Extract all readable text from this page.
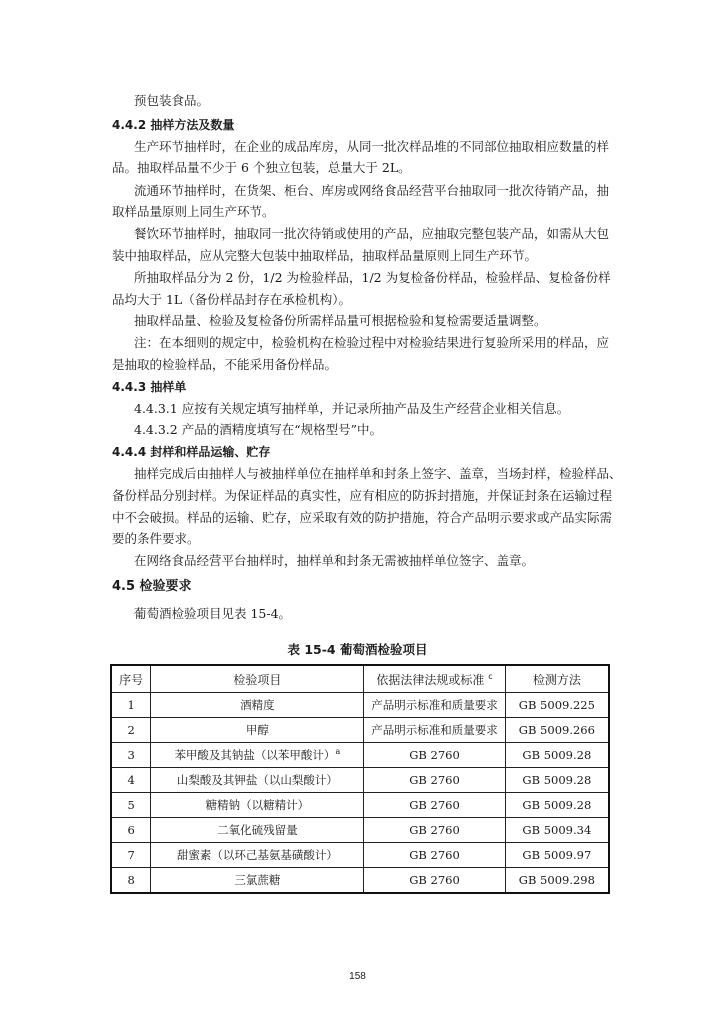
预包装食品。
4.4.2 抽样方法及数量
生产环节抽样时，在企业的成品库房，从同一批次样品堆的不同部位抽取相应数量的样
品。抽取样品量不少于 6 个独立包装，总量大于 2L。
流通环节抽样时，在货架、柜台、库房或网络食品经营平台抽取同一批次待销产品，抽
取样品量原则上同生产环节。
餐饮环节抽样时，抽取同一批次待销或使用的产品，应抽取完整包装产品，如需从大包
装中抽取样品，应从完整大包装中抽取样品，抽取样品量原则上同生产环节。
所抽取样品分为 2 份，1/2 为检验样品，1/2 为复检备份样品，检验样品、复检备份样
品均大于 1L（备份样品封存在承检机构）。
抽取样品量、检验及复检备份所需样品量可根据检验和复检需要适量调整。
注：在本细则的规定中，检验机构在检验过程中对检验结果进行复验所采用的样品，应
是抽取的检验样品，不能采用备份样品。
4.4.3 抽样单
4.4.3.1 应按有关规定填写抽样单，并记录所抽产品及生产经营企业相关信息。
4.4.3.2 产品的酒精度填写在“规格型号”中。
4.4.4 封样和样品运输、贮存
抽样完成后由抽样人与被抽样单位在抽样单和封条上签字、盖章，当场封样，检验样品、
备份样品分别封样。为保证样品的真实性，应有相应的防拆封措施，并保证封条在运输过程
中不会破损。样品的运输、贮存，应采取有效的防护措施，符合产品明示要求或产品实际需
要的条件要求。
在网络食品经营平台抽样时，抽样单和封条无需被抽样单位签字、盖章。
4.5 检验要求
葡萄酒检验项目见表 15-4。
表 15-4 葡萄酒检验项目
序号	检验项目	依据法律法规或标准 $^c$	检测方法
1	酒精度	产品明示标准和质量要求	GB 5009.225
2	甲醇	产品明示标准和质量要求	GB 5009.266
3	苯甲酸及其钠盐（以苯甲酸计）$^a$	GB 2760	GB 5009.28
4	山梨酸及其钾盐（以山梨酸计）	GB 2760	GB 5009.28
5	糖精钠（以糖精计）	GB 2760	GB 5009.28
6	二氧化硫残留量	GB 2760	GB 5009.34
7	甜蜜素（以环己基氨基磺酸计）	GB 2760	GB 5009.97
8	三氯蔗糖	GB 2760	GB 5009.298
158
